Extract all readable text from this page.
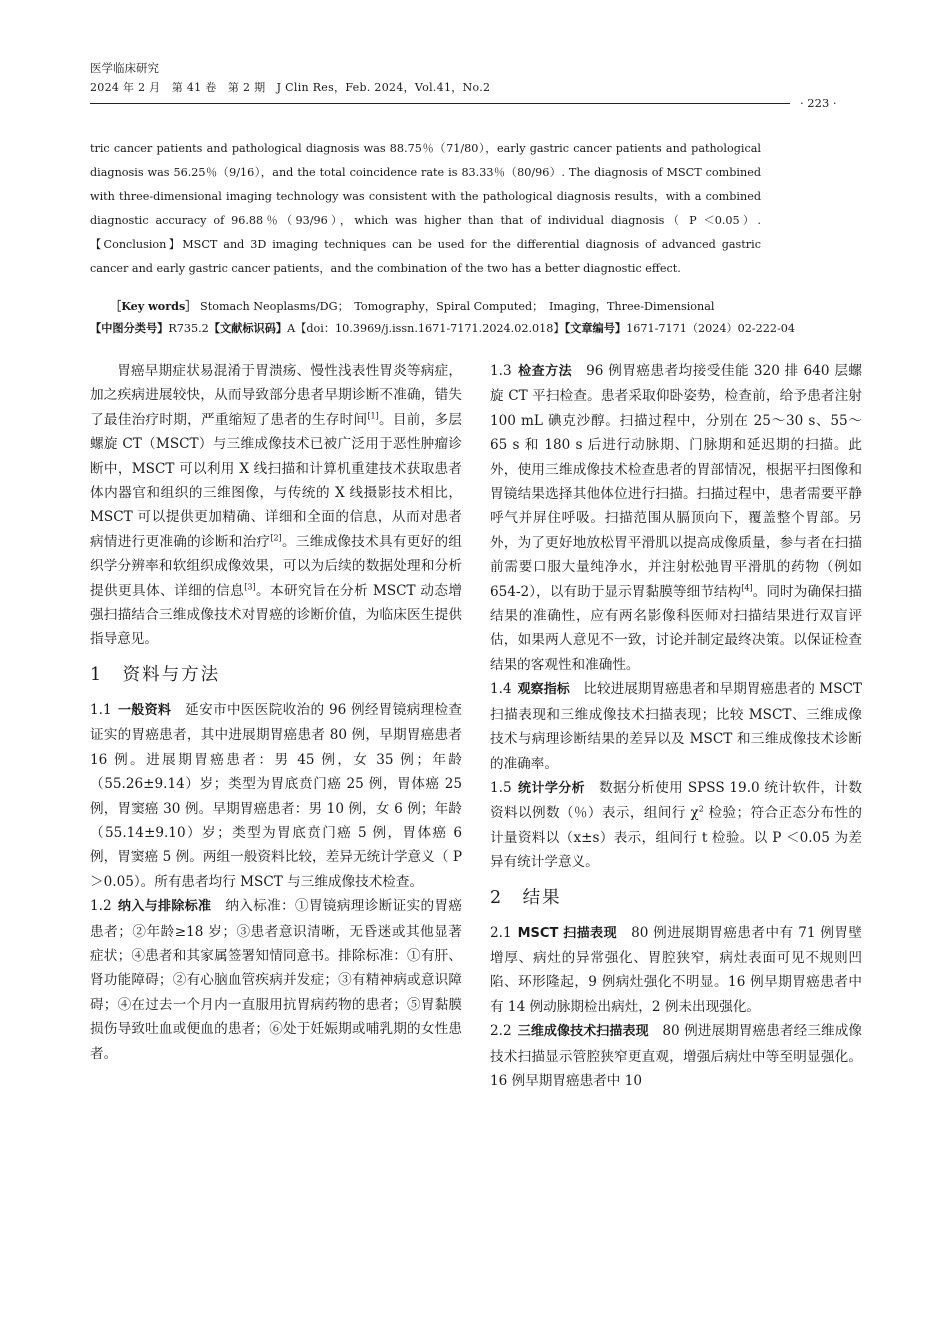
医学临床研究
2024 年 2 月　第 41 卷　第 2 期　J Clin Res，Feb. 2024，Vol.41，No.2
· 223 ·
tric cancer patients and pathological diagnosis was 88.75％（71/80），early gastric cancer patients and pathological diagnosis was 56.25％（9/16），and the total coincidence rate is 83.33％（80/96）. The diagnosis of MSCT combined with three-dimensional imaging technology was consistent with the pathological diagnosis results，with a combined diagnostic accuracy of 96.88％（93/96），which was higher than that of individual diagnosis（ P ＜0.05）.【Conclusion】MSCT and 3D imaging techniques can be used for the differential diagnosis of advanced gastric cancer and early gastric cancer patients，and the combination of the two has a better diagnostic effect.
［Key words］ Stomach Neoplasms/DG；　Tomography，Spiral Computed；　Imaging，Three-Dimensional
【中图分类号】R735.2【文献标识码】A【doi：10.3969/j.issn.1671-7171.2024.02.018】【文章编号】1671-7171（2024）02-222-04

胃癌早期症状易混淆于胃溃疡、慢性浅表性胃炎等病症，加之疾病进展较快，从而导致部分患者早期诊断不准确，错失了最佳治疗时期，严重缩短了患者的生存时间[1]。目前，多层螺旋 CT（MSCT）与三维成像技术已被广泛用于恶性肿瘤诊断中，MSCT 可以利用 X 线扫描和计算机重建技术获取患者体内器官和组织的三维图像，与传统的 X 线摄影技术相比，MSCT 可以提供更加精确、详细和全面的信息，从而对患者病情进行更准确的诊断和治疗[2]。三维成像技术具有更好的组织学分辨率和软组织成像效果，可以为后续的数据处理和分析提供更具体、详细的信息[3]。本研究旨在分析 MSCT 动态增强扫描结合三维成像技术对胃癌的诊断价值，为临床医生提供指导意见。

1　资料与方法

1.1 一般资料　延安市中医医院收治的 96 例经胃镜病理检查证实的胃癌患者，其中进展期胃癌患者 80 例，早期胃癌患者 16 例。进展期胃癌患者：男 45 例，女 35 例；年龄（55.26±9.14）岁；类型为胃底贲门癌 25 例，胃体癌 25 例，胃窦癌 30 例。早期胃癌患者：男 10 例，女 6 例；年龄（55.14±9.10）岁；类型为胃底贲门癌 5 例，胃体癌 6 例，胃窦癌 5 例。两组一般资料比较，差异无统计学意义（ P ＞0.05）。所有患者均行 MSCT 与三维成像技术检查。

1.2 纳入与排除标准　纳入标准：①胃镜病理诊断证实的胃癌患者；②年龄≥18 岁；③患者意识清晰，无昏迷或其他显著症状；④患者和其家属签署知情同意书。排除标准：①有肝、肾功能障碍；②有心脑血管疾病并发症；③有精神病或意识障碍；④在过去一个月内一直服用抗胃病药物的患者；⑤胃黏膜损伤导致吐血或便血的患者；⑥处于妊娠期或哺乳期的女性患者。

1.3 检查方法　96 例胃癌患者均接受佳能 320 排 640 层螺旋 CT 平扫检查。患者采取仰卧姿势，检查前，给予患者注射 100 mL 碘克沙醇。扫描过程中，分别在 25～30 s、55～65 s 和 180 s 后进行动脉期、门脉期和延迟期的扫描。此外，使用三维成像技术检查患者的胃部情况，根据平扫图像和胃镜结果选择其他体位进行扫描。扫描过程中，患者需要平静呼气并屏住呼吸。扫描范围从膈顶向下，覆盖整个胃部。另外，为了更好地放松胃平滑肌以提高成像质量，参与者在扫描前需要口服大量纯净水，并注射松弛胃平滑肌的药物（例如 654-2），以有助于显示胃黏膜等细节结构[4]。同时为确保扫描结果的准确性，应有两名影像科医师对扫描结果进行双盲评估，如果两人意见不一致，讨论并制定最终决策。以保证检查结果的客观性和准确性。

1.4 观察指标　比较进展期胃癌患者和早期胃癌患者的 MSCT 扫描表现和三维成像技术扫描表现；比较 MSCT、三维成像技术与病理诊断结果的差异以及 MSCT 和三维成像技术诊断的准确率。

1.5 统计学分析　数据分析使用 SPSS 19.0 统计软件，计数资料以例数（％）表示，组间行 $\chi^2$ 检验；符合正态分布性的计量资料以（x±s）表示，组间行 t 检验。以 P ＜0.05 为差异有统计学意义。

2　结果

2.1 MSCT 扫描表现　80 例进展期胃癌患者中有 71 例胃壁增厚、病灶的异常强化、胃腔狭窄，病灶表面可见不规则凹陷、环形隆起，9 例病灶强化不明显。16 例早期胃癌患者中有 14 例动脉期检出病灶，2 例未出现强化。

2.2 三维成像技术扫描表现　80 例进展期胃癌患者经三维成像技术扫描显示管腔狭窄更直观，增强后病灶中等至明显强化。16 例早期胃癌患者中 10
